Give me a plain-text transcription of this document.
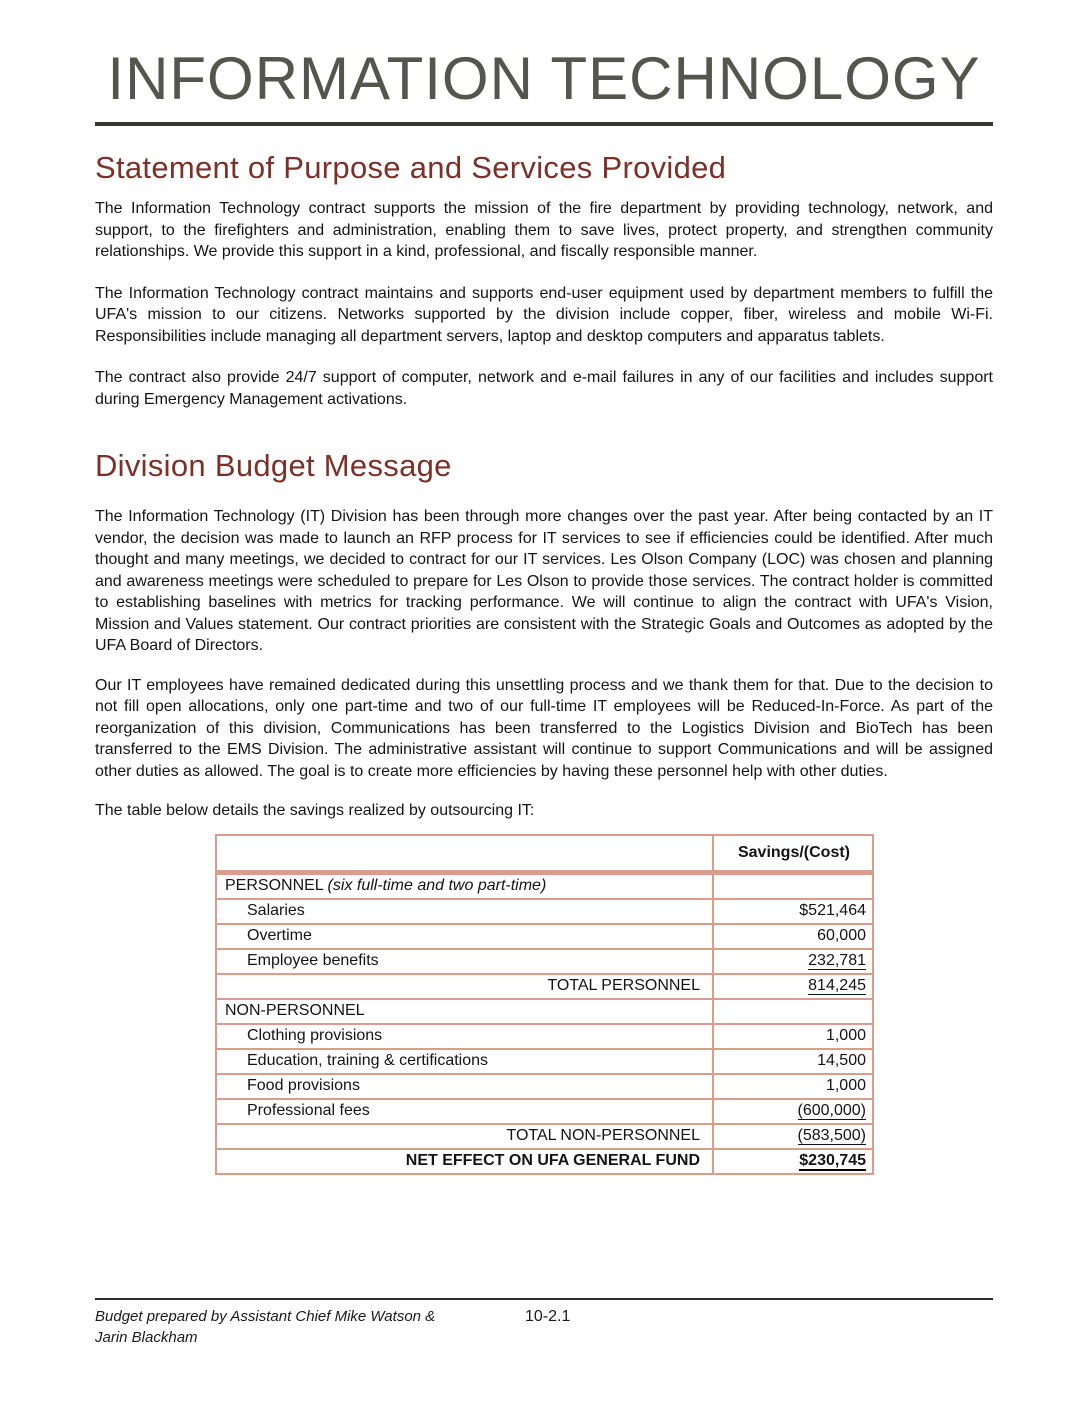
INFORMATION TECHNOLOGY
Statement of Purpose and Services Provided

The Information Technology contract supports the mission of the fire department by providing technology, network, and support, to the firefighters and administration, enabling them to save lives, protect property, and strengthen community relationships. We provide this support in a kind, professional, and fiscally responsible manner.

The Information Technology contract maintains and supports end-user equipment used by department members to fulfill the UFA's mission to our citizens. Networks supported by the division include copper, fiber, wireless and mobile Wi-Fi. Responsibilities include managing all department servers, laptop and desktop computers and apparatus tablets.

The contract also provide 24/7 support of computer, network and e-mail failures in any of our facilities and includes support during Emergency Management activations.

Division Budget Message

The Information Technology (IT) Division has been through more changes over the past year. After being contacted by an IT vendor, the decision was made to launch an RFP process for IT services to see if efficiencies could be identified. After much thought and many meetings, we decided to contract for our IT services. Les Olson Company (LOC) was chosen and planning and awareness meetings were scheduled to prepare for Les Olson to provide those services. The contract holder is committed to establishing baselines with metrics for tracking performance. We will continue to align the contract with UFA's Vision, Mission and Values statement. Our contract priorities are consistent with the Strategic Goals and Outcomes as adopted by the UFA Board of Directors.

Our IT employees have remained dedicated during this unsettling process and we thank them for that. Due to the decision to not fill open allocations, only one part-time and two of our full-time IT employees will be Reduced-In-Force. As part of the reorganization of this division, Communications has been transferred to the Logistics Division and BioTech has been transferred to the EMS Division. The administrative assistant will continue to support Communications and will be assigned other duties as allowed. The goal is to create more efficiencies by having these personnel help with other duties.

The table below details the savings realized by outsourcing IT:

	Savings/(Cost)
PERSONNEL (six full-time and two part-time)	
Salaries	$521,464
Overtime	60,000
Employee benefits	232,781
TOTAL PERSONNEL	814,245
NON-PERSONNEL	
Clothing provisions	1,000
Education, training & certifications	14,500
Food provisions	1,000
Professional fees	(600,000)
TOTAL NON-PERSONNEL	(583,500)
NET EFFECT ON UFA GENERAL FUND	$230,745
Budget prepared by Assistant Chief Mike Watson &
Jarin Blackham
10-2.1
